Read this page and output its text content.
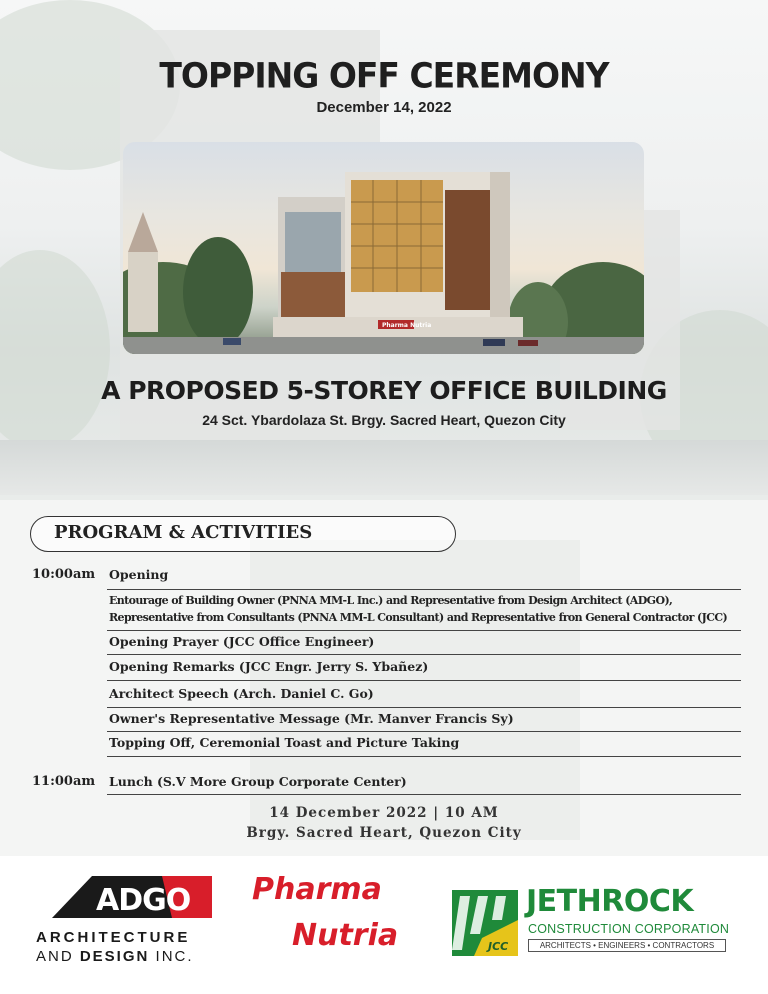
TOPPING OFF CEREMONY
December 14, 2022
Pharma Nutria
A PROPOSED 5-STOREY OFFICE BUILDING
24 Sct. Ybardolaza St. Brgy. Sacred Heart, Quezon City
PROGRAM & ACTIVITIES
10:00am Opening
Entourage of Building Owner (PNNA MM-L Inc.) and Representative from Design Architect (ADGO),
Representative from Consultants (PNNA MM-L Consultant) and Representative fron General Contractor (JCC)
Opening Prayer (JCC Office Engineer)
Opening Remarks (JCC Engr. Jerry S. Ybañez)
Architect Speech (Arch. Daniel C. Go)
Owner's Representative Message (Mr. Manver Francis Sy)
Topping Off, Ceremonial Toast and Picture Taking
11:00am Lunch (S.V More Group Corporate Center)
14 December 2022 | 10 AM
Brgy. Sacred Heart, Quezon City
ADGO
ARCHITECTURE
AND DESIGN INC.
Pharma
Nutria	JCC
JETHROCK
CONSTRUCTION CORPORATION
ARCHITECTS • ENGINEERS • CONTRACTORS
